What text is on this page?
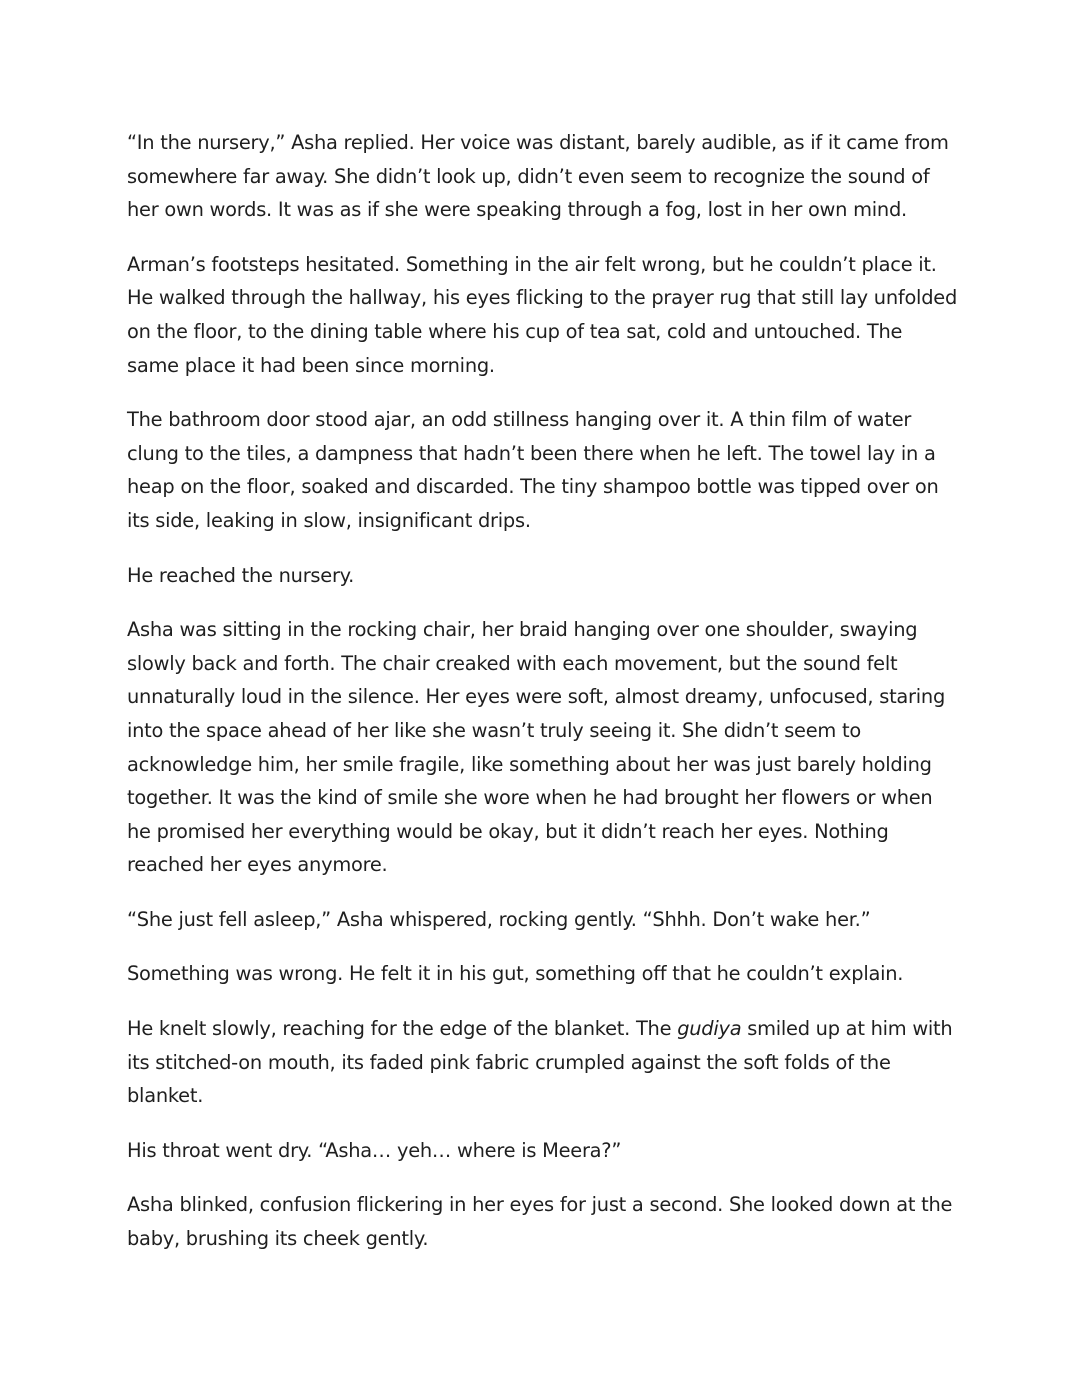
“In the nursery,” Asha replied. Her voice was distant, barely audible, as if it came from somewhere far away. She didn’t look up, didn’t even seem to recognize the sound of her own words. It was as if she were speaking through a fog, lost in her own mind.

Arman’s footsteps hesitated. Something in the air felt wrong, but he couldn’t place it. He walked through the hallway, his eyes flicking to the prayer rug that still lay unfolded on the floor, to the dining table where his cup of tea sat, cold and untouched. The same place it had been since morning.

The bathroom door stood ajar, an odd stillness hanging over it. A thin film of water clung to the tiles, a dampness that hadn’t been there when he left. The towel lay in a heap on the floor, soaked and discarded. The tiny shampoo bottle was tipped over on its side, leaking in slow, insignificant drips.

He reached the nursery.

Asha was sitting in the rocking chair, her braid hanging over one shoulder, swaying slowly back and forth. The chair creaked with each movement, but the sound felt unnaturally loud in the silence. Her eyes were soft, almost dreamy, unfocused, staring into the space ahead of her like she wasn’t truly seeing it. She didn’t seem to acknowledge him, her smile fragile, like something about her was just barely holding together. It was the kind of smile she wore when he had brought her flowers or when he promised her everything would be okay, but it didn’t reach her eyes. Nothing reached her eyes anymore.

“She just fell asleep,” Asha whispered, rocking gently. “Shhh. Don’t wake her.”

Something was wrong. He felt it in his gut, something off that he couldn’t explain.

He knelt slowly, reaching for the edge of the blanket. The gudiya smiled up at him with its stitched-on mouth, its faded pink fabric crumpled against the soft folds of the blanket.

His throat went dry. “Asha… yeh… where is Meera?”

Asha blinked, confusion flickering in her eyes for just a second. She looked down at the baby, brushing its cheek gently.
